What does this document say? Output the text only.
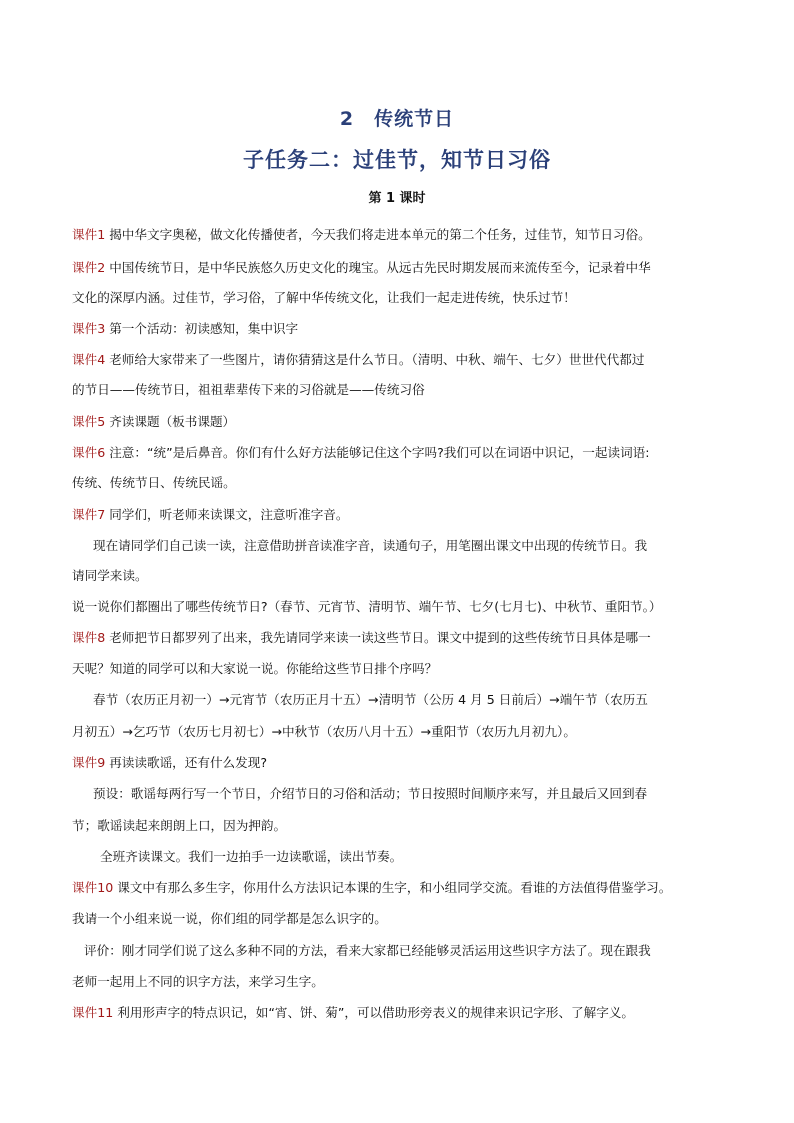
2　传统节日
子任务二：过佳节，知节日习俗
第 1 课时
课件1 揭中华文字奥秘，做文化传播使者，今天我们将走进本单元的第二个任务，过佳节，知节日习俗。
课件2 中国传统节日，是中华民族悠久历史文化的瑰宝。从远古先民时期发展而来流传至今，记录着中华
文化的深厚内涵。过佳节，学习俗，了解中华传统文化，让我们一起走进传统，快乐过节！
课件3 第一个活动：初读感知，集中识字
课件4 老师给大家带来了一些图片，请你猜猜这是什么节日。（清明、中秋、端午、七夕）世世代代都过
的节日——传统节日，祖祖辈辈传下来的习俗就是——传统习俗
课件5 齐读课题（板书课题）
课件6 注意：“统”是后鼻音。你们有什么好方法能够记住这个字吗?我们可以在词语中识记，一起读词语:
传统、传统节日、传统民谣。
课件7 同学们，听老师来读课文，注意听准字音。
现在请同学们自己读一读，注意借助拼音读准字音，读通句子，用笔圈出课文中出现的传统节日。我
请同学来读。
说一说你们都圈出了哪些传统节日?（春节、元宵节、清明节、端午节、七夕(七月七)、中秋节、重阳节。）
课件8 老师把节日都罗列了出来，我先请同学来读一读这些节日。课文中提到的这些传统节日具体是哪一
天呢？知道的同学可以和大家说一说。你能给这些节日排个序吗？
春节（农历正月初一）→元宵节（农历正月十五）→清明节（公历 4 月 5 日前后）→端午节（农历五
月初五）→乞巧节（农历七月初七）→中秋节（农历八月十五）→重阳节（农历九月初九）。
课件9 再读读歌谣，还有什么发现?
预设：歌谣每两行写一个节日，介绍节日的习俗和活动；节日按照时间顺序来写，并且最后又回到春
节；歌谣读起来朗朗上口，因为押韵。
全班齐读课文。我们一边拍手一边读歌谣，读出节奏。
课件10 课文中有那么多生字，你用什么方法识记本课的生字，和小组同学交流。看谁的方法值得借鉴学习。
我请一个小组来说一说，你们组的同学都是怎么识字的。
评价：刚才同学们说了这么多种不同的方法，看来大家都已经能够灵活运用这些识字方法了。现在跟我
老师一起用上不同的识字方法，来学习生字。
课件11 利用形声字的特点识记，如“宵、饼、菊”，可以借助形旁表义的规律来识记字形、了解字义。
